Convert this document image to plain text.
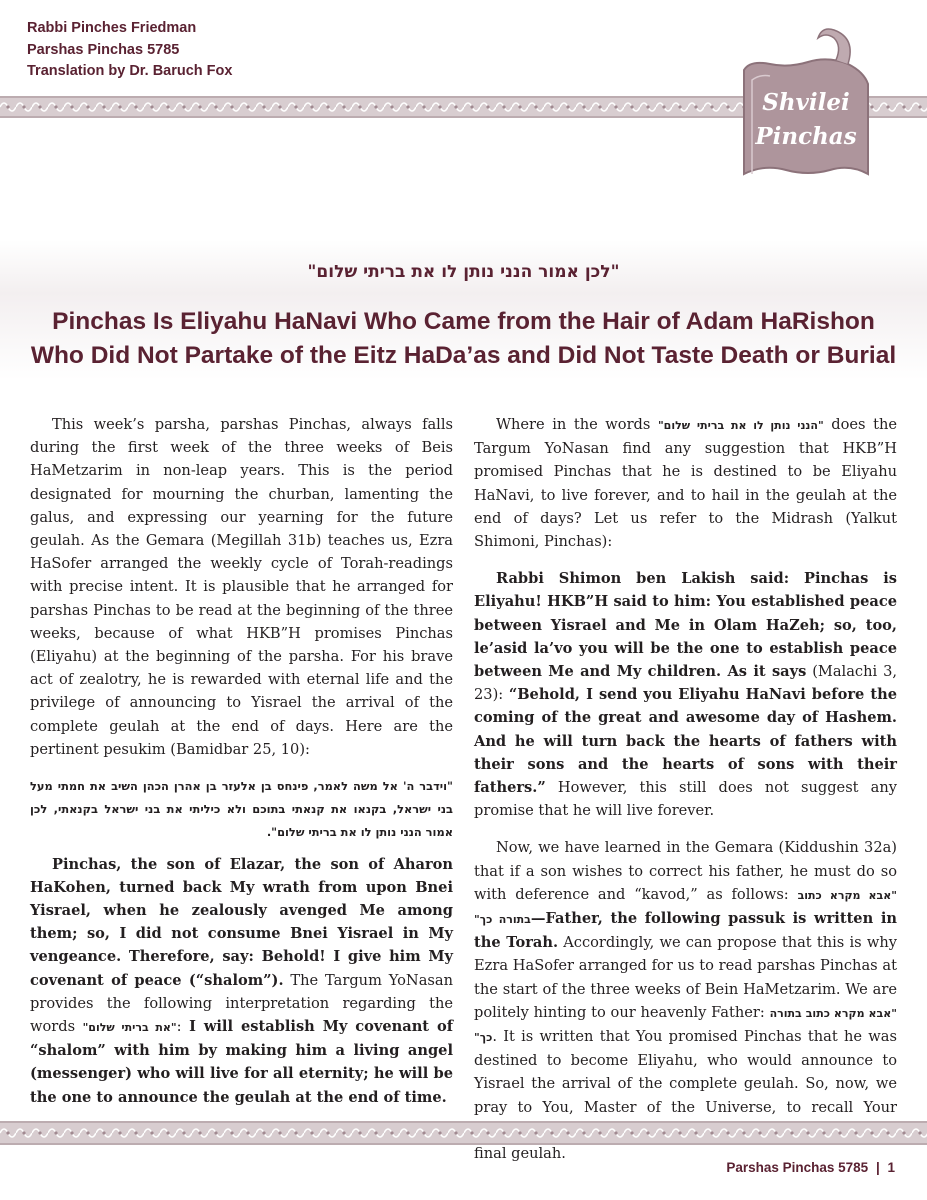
Rabbi Pinches Friedman
Parshas Pinchas 5785
Translation by Dr. Baruch Fox
Shvilei
Pinchas
"לכן אמור הנני נותן לו את בריתי שלום"
Pinchas Is Eliyahu HaNavi Who Came from the Hair of Adam HaRishon
Who Did Not Partake of the Eitz HaDa’as and Did Not Taste Death or Burial

This week’s parsha, parshas Pinchas, always falls during the first week of the three weeks of Beis HaMetzarim in non-leap years. This is the period designated for mourning the churban, lamenting the galus, and expressing our yearning for the future geulah. As the Gemara (Megillah 31b) teaches us, Ezra HaSofer arranged the weekly cycle of Torah-readings with precise intent. It is plausible that he arranged for parshas Pinchas to be read at the beginning of the three weeks, because of what HKB”H promises Pinchas (Eliyahu) at the beginning of the parsha. For his brave act of zealotry, he is rewarded with eternal life and the privilege of announcing to Yisrael the arrival of the complete geulah at the end of days. Here are the pertinent pesukim (Bamidbar 25, 10):

"וידבר ה' אל משה לאמר, פינחס בן אלעזר בן אהרן הכהן השיב את חמתי מעל בני ישראל, בקנאו את קנאתי בתוכם ולא כיליתי את בני ישראל בקנאתי, לכן אמור הנני נותן לו את בריתי שלום".

Pinchas, the son of Elazar, the son of Aharon HaKohen, turned back My wrath from upon Bnei Yisrael, when he zealously avenged Me among them; so, I did not consume Bnei Yisrael in My vengeance. Therefore, say: Behold! I give him My covenant of peace (“shalom”). The Targum YoNasan provides the following interpretation regarding the words "את בריתי שלום": I will establish My covenant of “shalom” with him by making him a living angel (messenger) who will live for all eternity; he will be the one to announce the geulah at the end of time.

Where in the words "הנני נותן לו את בריתי שלום" does the Targum YoNasan find any suggestion that HKB”H promised Pinchas that he is destined to be Eliyahu HaNavi, to live forever, and to hail in the geulah at the end of days? Let us refer to the Midrash (Yalkut Shimoni, Pinchas):

Rabbi Shimon ben Lakish said: Pinchas is Eliyahu! HKB”H said to him: You established peace between Yisrael and Me in Olam HaZeh; so, too, le’asid la’vo you will be the one to establish peace between Me and My children. As it says (Malachi 3, 23): “Behold, I send you Eliyahu HaNavi before the coming of the great and awesome day of Hashem. And he will turn back the hearts of fathers with their sons and the hearts of sons with their fathers.” However, this still does not suggest any promise that he will live forever.

Now, we have learned in the Gemara (Kiddushin 32a) that if a son wishes to correct his father, he must do so with deference and “kavod,” as follows: "אבא מקרא כתוב בתורה כך"—Father, the following passuk is written in the Torah. Accordingly, we can propose that this is why Ezra HaSofer arranged for us to read parshas Pinchas at the start of the three weeks of Bein HaMetzarim. We are politely hinting to our heavenly Father: "אבא מקרא כתוב בתורה כך". It is written that You promised Pinchas that he was destined to become Eliyahu, who would announce to Yisrael the arrival of the complete geulah. So, now, we pray to You, Master of the Universe, to recall Your final geulah.

Parshas Pinchas 5785 | 1
